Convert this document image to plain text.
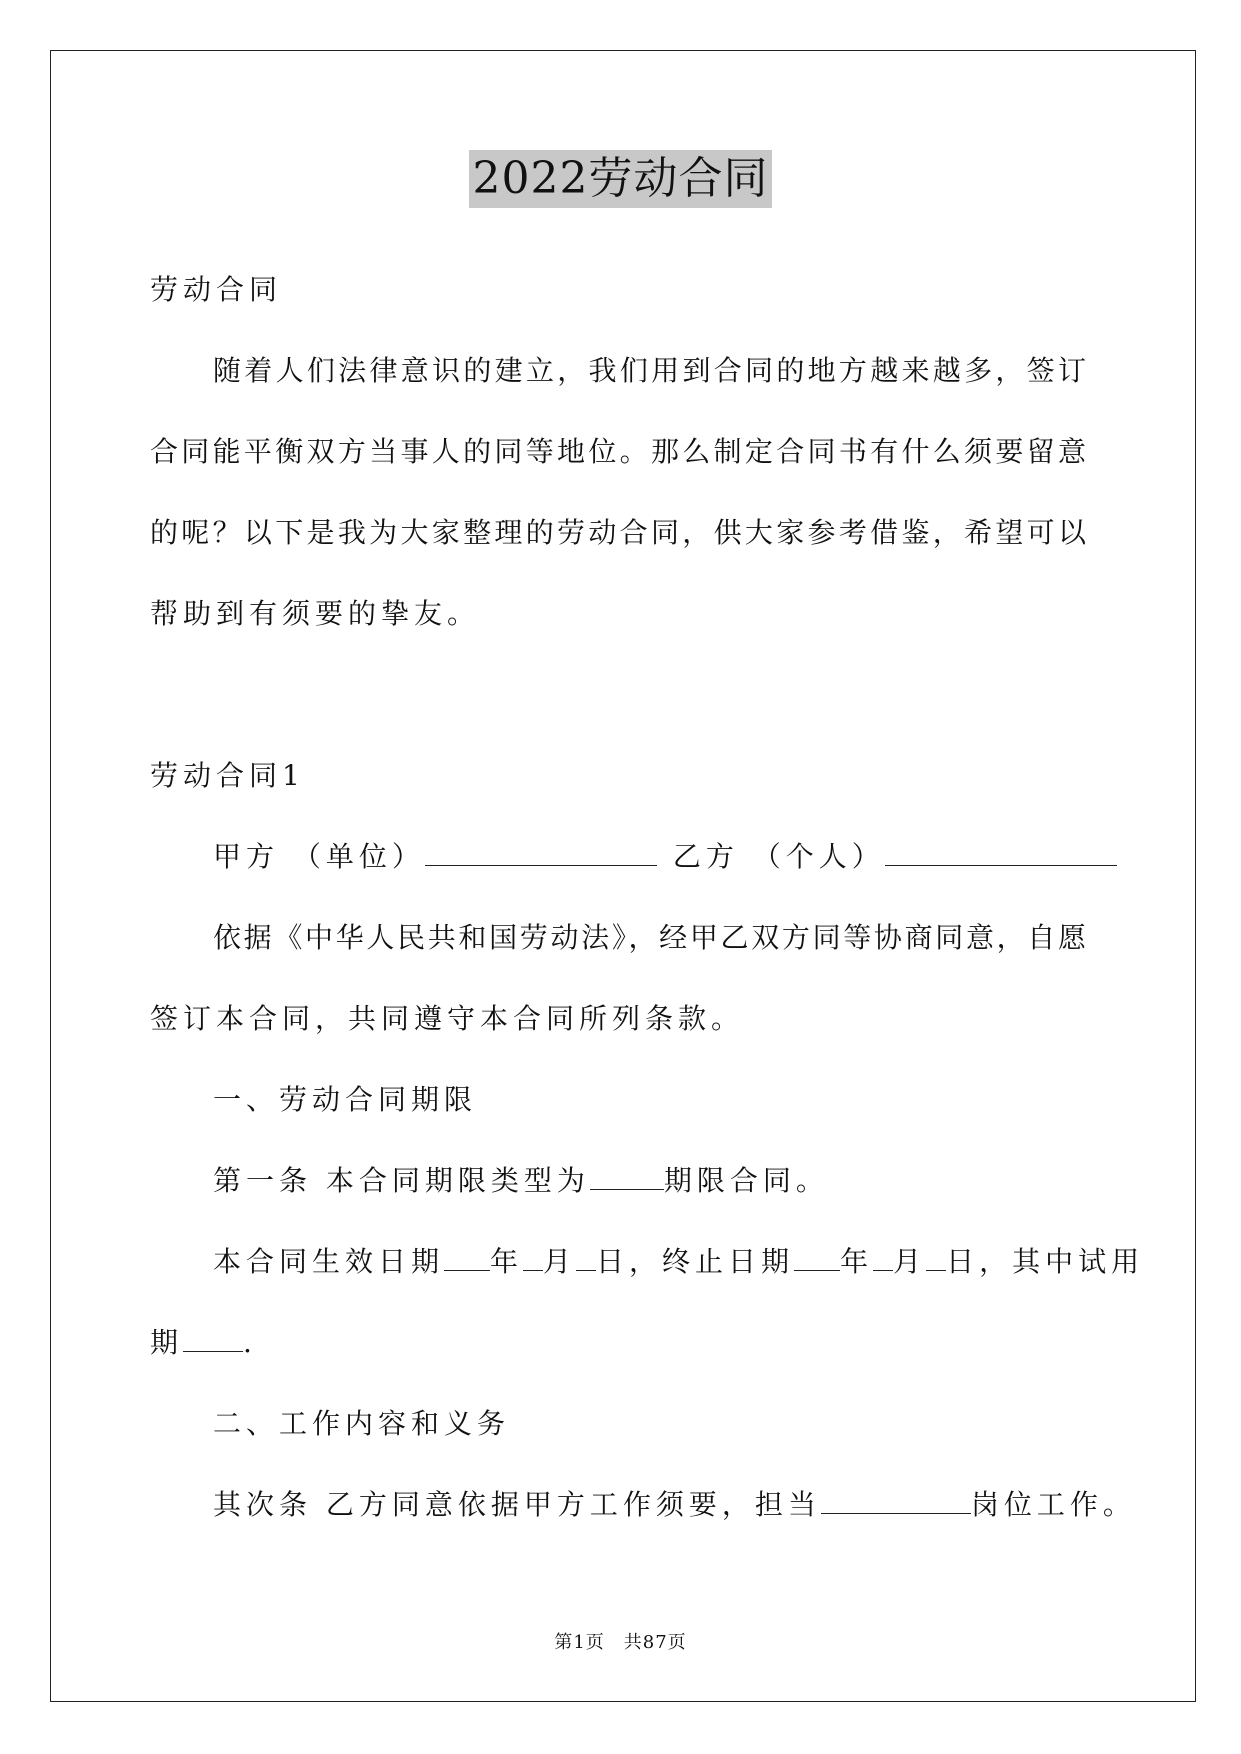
2022劳动合同
劳动合同
随着人们法律意识的建立，我们用到合同的地方越来越多，签订
合同能平衡双方当事人的同等地位。那么制定合同书有什么须要留意
的呢？以下是我为大家整理的劳动合同，供大家参考借鉴，希望可以
帮助到有须要的挚友。
劳动合同1
甲方 （单位）	乙方 （个人）
依据《中华人民共和国劳动法》，经甲乙双方同等协商同意，自愿
签订本合同，共同遵守本合同所列条款。
一、劳动合同期限
第一条 本合同期限类型为	期限合同。
本合同生效日期 年 月 日，终止日期 年 月 日，其中试用
期 .
二、工作内容和义务
其次条 乙方同意依据甲方工作须要，担当	岗位工作。
第1页　共87页
